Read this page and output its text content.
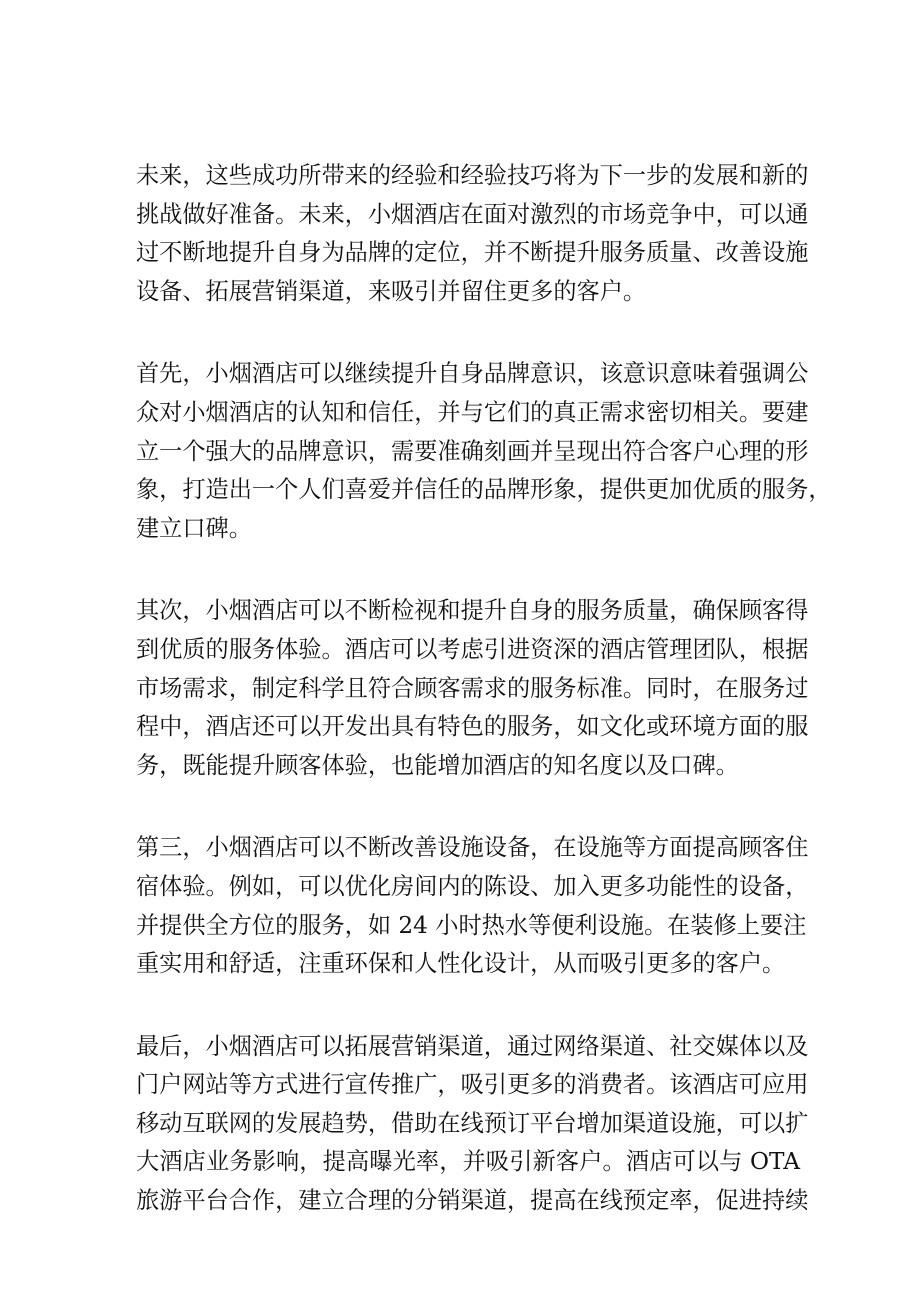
未来，这些成功所带来的经验和经验技巧将为下一步的发展和新的
挑战做好准备。未来，小烟酒店在面对激烈的市场竞争中，可以通
过不断地提升自身为品牌的定位，并不断提升服务质量、改善设施
设备、拓展营销渠道，来吸引并留住更多的客户。

首先，小烟酒店可以继续提升自身品牌意识，该意识意味着强调公
众对小烟酒店的认知和信任，并与它们的真正需求密切相关。要建
立一个强大的品牌意识，需要准确刻画并呈现出符合客户心理的形
象，打造出一个人们喜爱并信任的品牌形象，提供更加优质的服务，
建立口碑。

其次，小烟酒店可以不断检视和提升自身的服务质量，确保顾客得
到优质的服务体验。酒店可以考虑引进资深的酒店管理团队，根据
市场需求，制定科学且符合顾客需求的服务标准。同时，在服务过
程中，酒店还可以开发出具有特色的服务，如文化或环境方面的服
务，既能提升顾客体验，也能增加酒店的知名度以及口碑。

第三，小烟酒店可以不断改善设施设备，在设施等方面提高顾客住
宿体验。例如，可以优化房间内的陈设、加入更多功能性的设备，
并提供全方位的服务，如 24 小时热水等便利设施。在装修上要注
重实用和舒适，注重环保和人性化设计，从而吸引更多的客户。

最后，小烟酒店可以拓展营销渠道，通过网络渠道、社交媒体以及
门户网站等方式进行宣传推广，吸引更多的消费者。该酒店可应用
移动互联网的发展趋势，借助在线预订平台增加渠道设施，可以扩
大酒店业务影响，提高曝光率，并吸引新客户。酒店可以与 OTA
旅游平台合作，建立合理的分销渠道，提高在线预定率，促进持续
